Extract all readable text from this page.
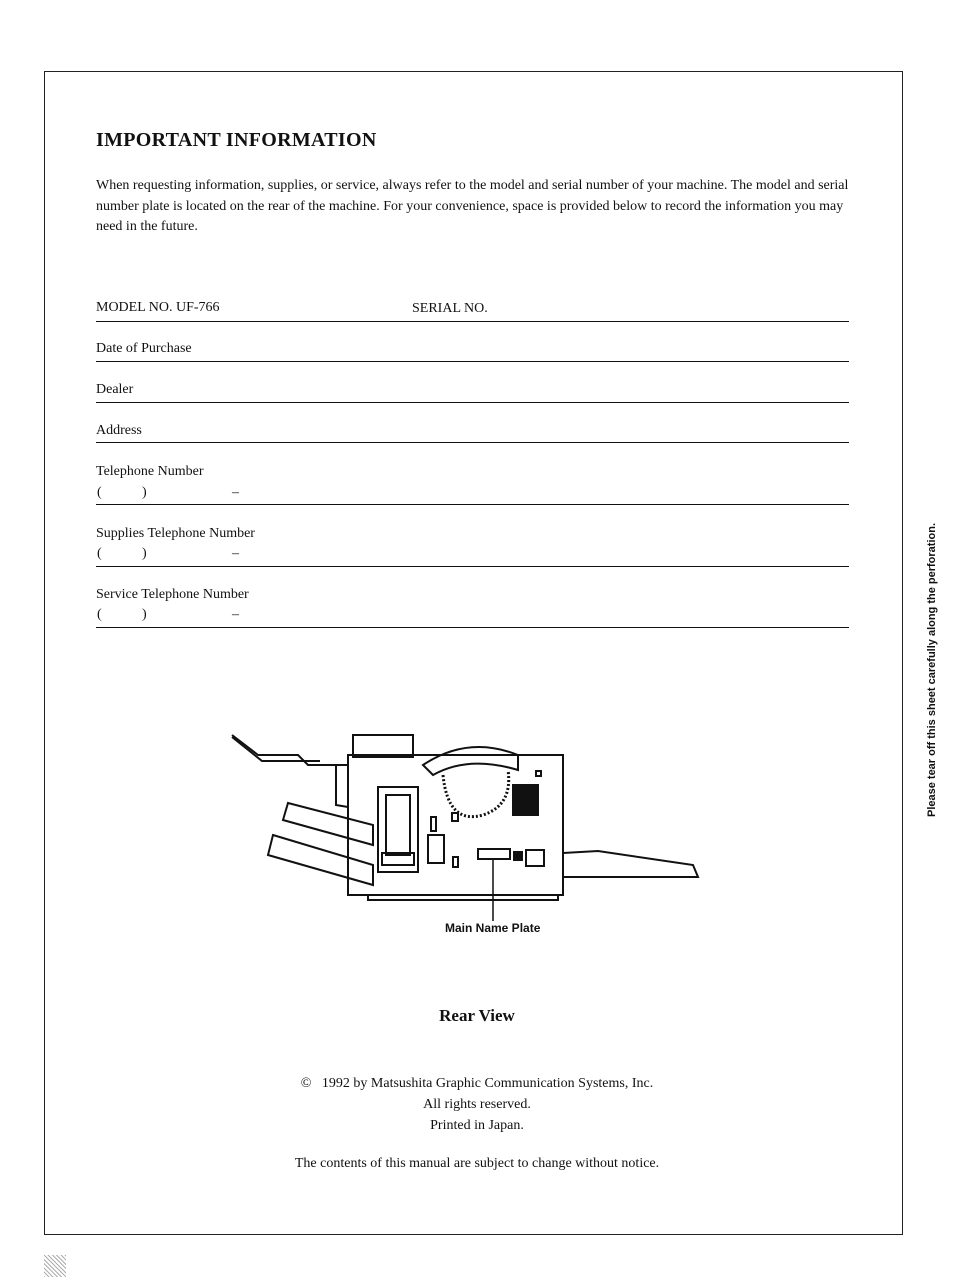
IMPORTANT INFORMATION
When requesting information, supplies, or service, always refer to the model and serial number of your machine. The model and serial number plate is located on the rear of the machine. For your convenience, space is provided below to record the information you may need in the future.
MODEL NO. UF-766	SERIAL NO.
Date of Purchase
Dealer
Address
Telephone Number
(	)	–
Supplies Telephone Number
(	)	–
Service Telephone Number
(	)	–
Main Name Plate
Rear View
©   1992 by Matsushita Graphic Communication Systems, Inc.
All rights reserved.
Printed in Japan.
The contents of this manual are subject to change without notice.
Please tear off this sheet carefully along the perforation.
